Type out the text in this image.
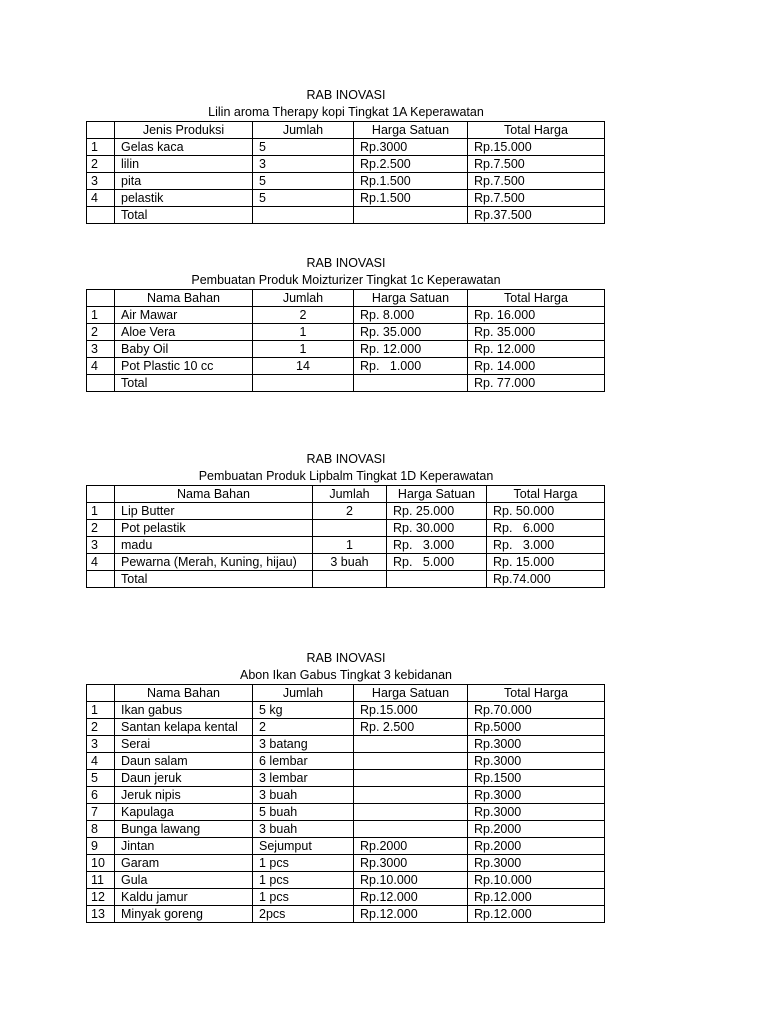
RAB INOVASI
Lilin aroma Therapy kopi Tingkat 1A Keperawatan
	Jenis Produksi	Jumlah	Harga Satuan	Total Harga
1	Gelas kaca	5	Rp.3000	Rp.15.000
2	lilin	3	Rp.2.500	Rp.7.500
3	pita	5	Rp.1.500	Rp.7.500
4	pelastik	5	Rp.1.500	Rp.7.500
	Total			Rp.37.500
RAB INOVASI
Pembuatan Produk Moizturizer Tingkat 1c Keperawatan
	Nama Bahan	Jumlah	Harga Satuan	Total Harga
1	Air Mawar	2	Rp. 8.000	Rp. 16.000
2	Aloe Vera	1	Rp. 35.000	Rp. 35.000
3	Baby Oil	1	Rp. 12.000	Rp. 12.000
4	Pot Plastic 10 cc	14	Rp.   1.000	Rp. 14.000
	Total			Rp. 77.000
RAB INOVASI
Pembuatan Produk Lipbalm Tingkat 1D Keperawatan
	Nama Bahan	Jumlah	Harga Satuan	Total Harga
1	Lip Butter	2	Rp. 25.000	Rp. 50.000
2	Pot pelastik		Rp. 30.000	Rp.   6.000
3	madu	1	Rp.   3.000	Rp.   3.000
4	Pewarna (Merah, Kuning, hijau)	3 buah	Rp.   5.000	Rp. 15.000
	Total			Rp.74.000
RAB INOVASI
Abon Ikan Gabus Tingkat 3 kebidanan
	Nama Bahan	Jumlah	Harga Satuan	Total Harga
1	Ikan gabus	5 kg	Rp.15.000	Rp.70.000
2	Santan kelapa kental	2	Rp. 2.500	Rp.5000
3	Serai	3 batang		Rp.3000
4	Daun salam	6 lembar		Rp.3000
5	Daun jeruk	3 lembar		Rp.1500
6	Jeruk nipis	3 buah		Rp.3000
7	Kapulaga	5 buah		Rp.3000
8	Bunga lawang	3 buah		Rp.2000
9	Jintan	Sejumput	Rp.2000	Rp.2000
10	Garam	1 pcs	Rp.3000	Rp.3000
11	Gula	1 pcs	Rp.10.000	Rp.10.000
12	Kaldu jamur	1 pcs	Rp.12.000	Rp.12.000
13	Minyak goreng	2pcs	Rp.12.000	Rp.12.000
